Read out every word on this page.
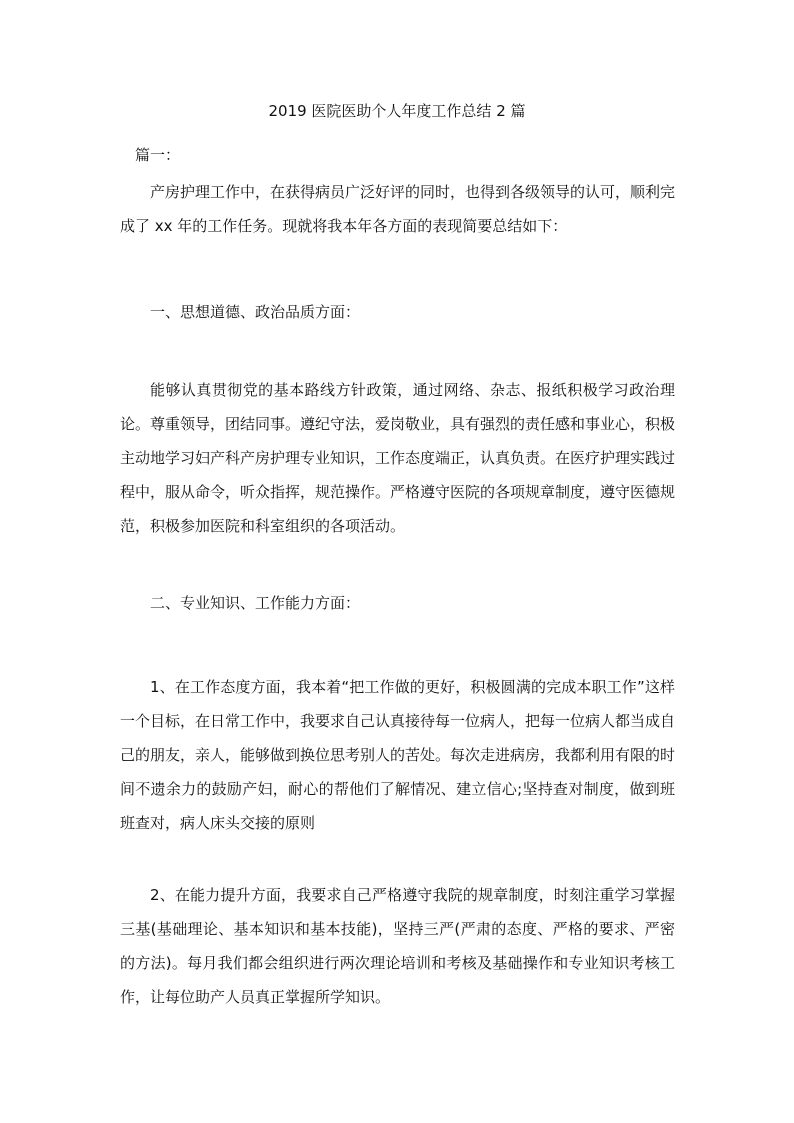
2019 医院医助个人年度工作总结 2 篇

篇一：

产房护理工作中，在获得病员广泛好评的同时，也得到各级领导的认可，顺利完成了 xx 年的工作任务。现就将我本年各方面的表现简要总结如下：

一、思想道德、政治品质方面：

能够认真贯彻党的基本路线方针政策，通过网络、杂志、报纸积极学习政治理论。尊重领导，团结同事。遵纪守法，爱岗敬业，具有强烈的责任感和事业心，积极主动地学习妇产科产房护理专业知识，工作态度端正，认真负责。在医疗护理实践过程中，服从命令，听众指挥，规范操作。严格遵守医院的各项规章制度，遵守医德规范，积极参加医院和科室组织的各项活动。

二、专业知识、工作能力方面：

1、在工作态度方面，我本着“把工作做的更好，积极圆满的完成本职工作”这样一个目标，在日常工作中，我要求自己认真接待每一位病人，把每一位病人都当成自己的朋友，亲人，能够做到换位思考别人的苦处。每次走进病房，我都利用有限的时间不遗余力的鼓励产妇，耐心的帮他们了解情况、建立信心;坚持查对制度，做到班班查对，病人床头交接的原则

2、在能力提升方面，我要求自己严格遵守我院的规章制度，时刻注重学习掌握三基(基础理论、基本知识和基本技能)，坚持三严(严肃的态度、严格的要求、严密的方法)。每月我们都会组织进行两次理论培训和考核及基础操作和专业知识考核工作，让每位助产人员真正掌握所学知识。
